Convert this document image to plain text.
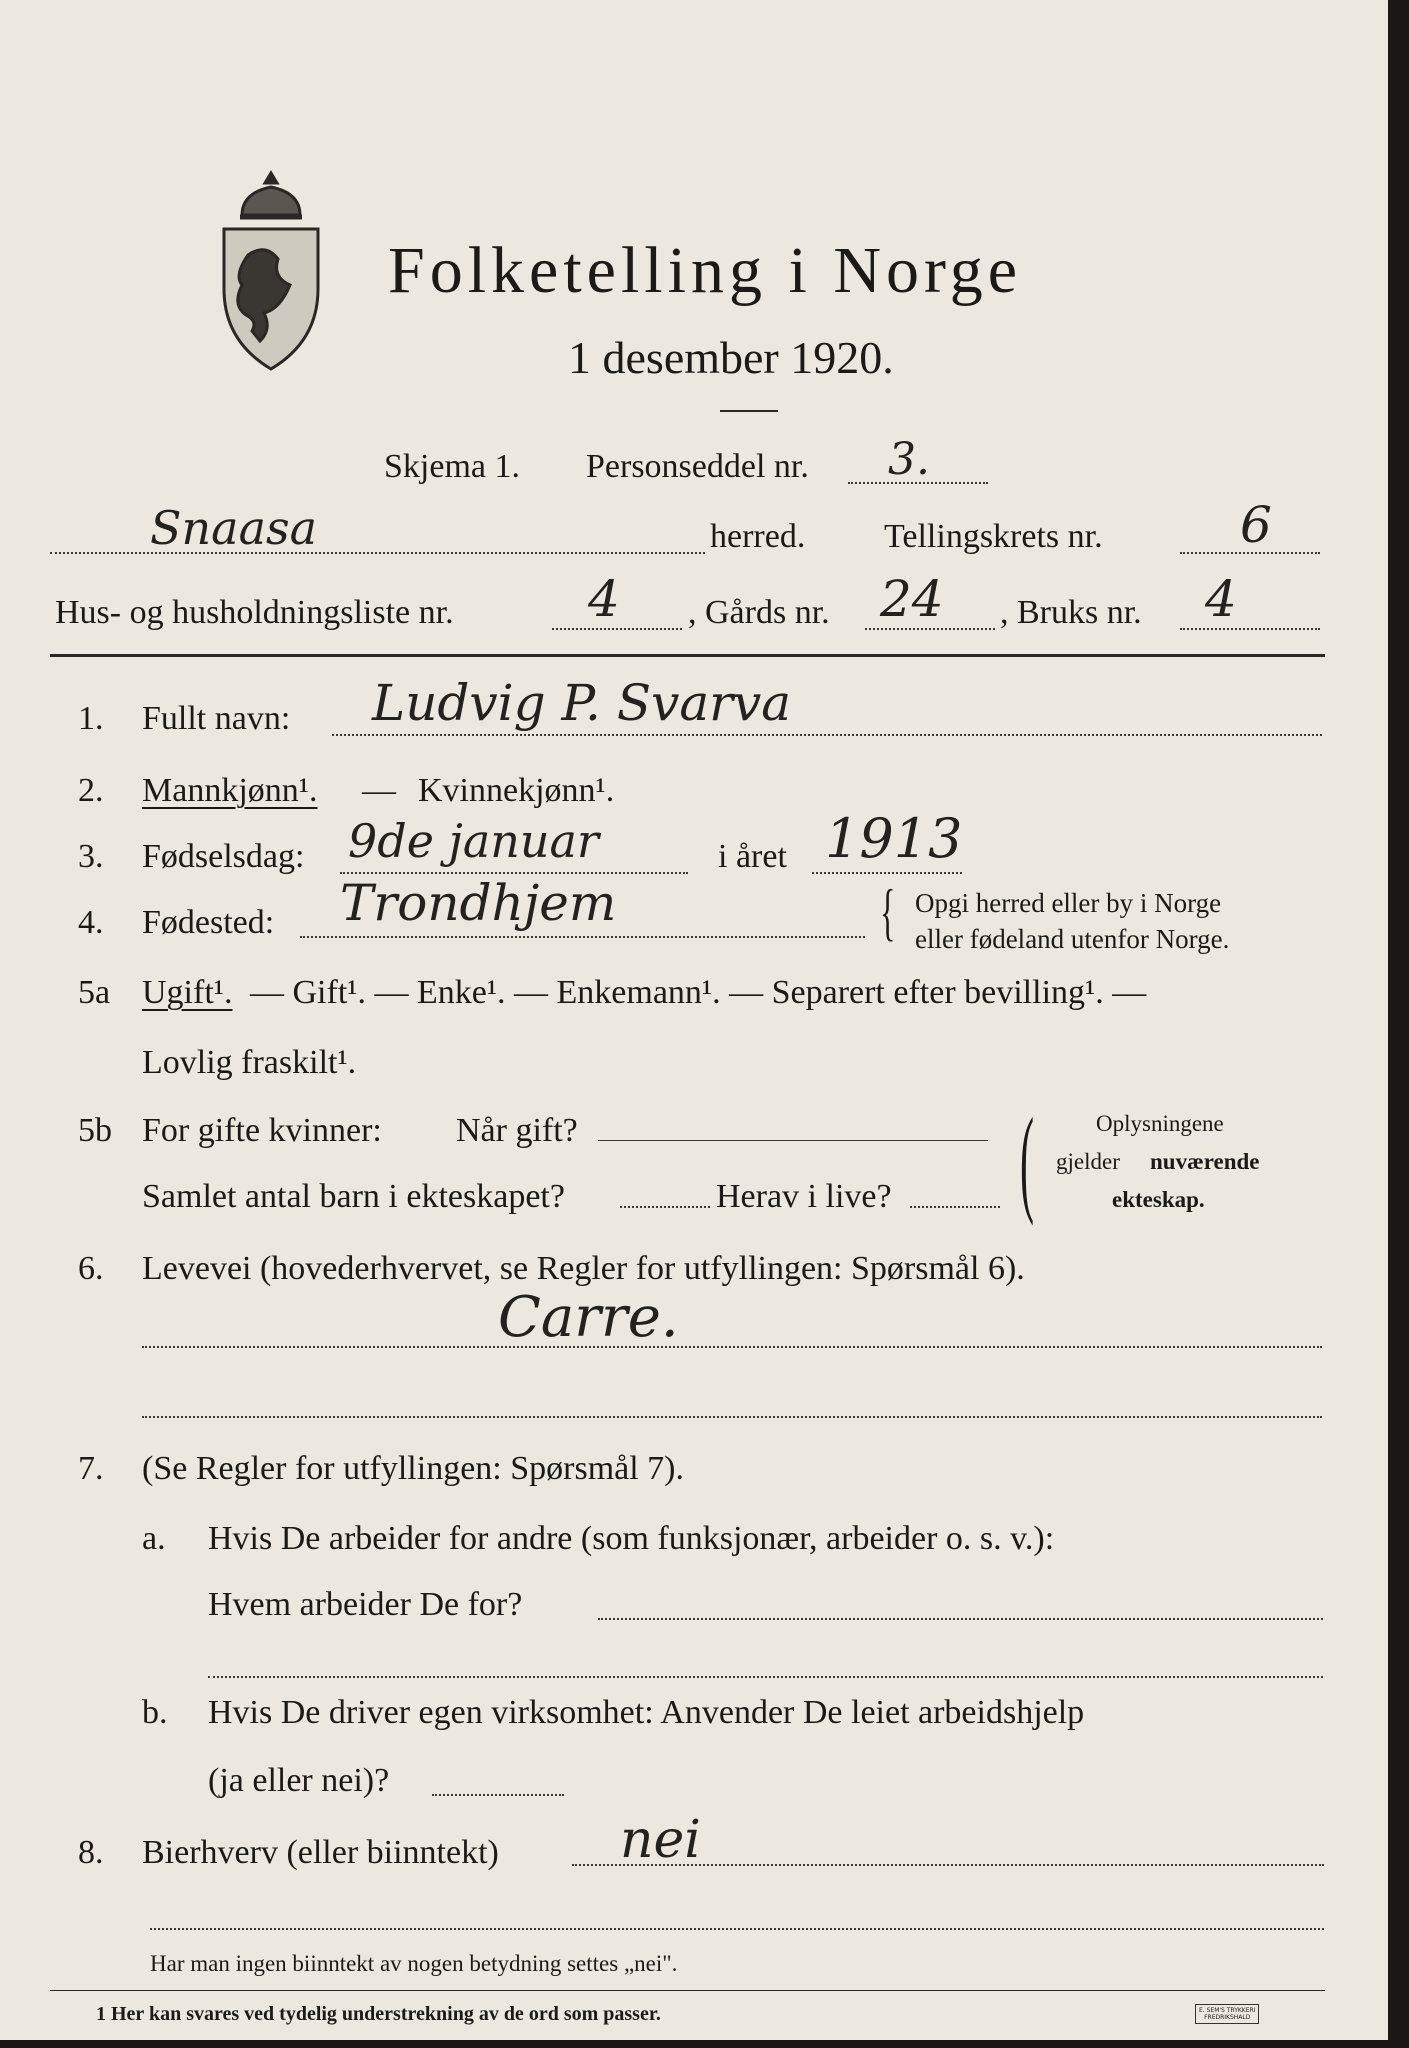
Folketelling i Norge
1 desember 1920.
Skjema 1. Personseddel nr. 3.
Snaasa	herred. Tellingskrets nr.	6
Hus- og husholdningsliste nr.	4 , Gårds nr. 24 , Bruks nr. 4
1. Fullt navn: Ludvig P. Svarva
2. Mannkjønn¹. — Kvinnekjønn¹.
3. Fødselsdag: 9de januar	i året 1913
4. Fødested: Trondhjem	{ Opgi herred eller by i Norge
eller fødeland utenfor Norge.
5a Ugift¹. — Gift¹. — Enke¹. — Enkemann¹. — Separert efter bevilling¹. —
Lovlig fraskilt¹.
5b For gifte kvinner: Når gift?
Samlet antal barn i ekteskapet?	Herav i live? (	Oplysningene
gjelder nuværende
ekteskap.
6. Levevei (hovederhvervet, se Regler for utfyllingen: Spørsmål 6).
Carre.
7. (Se Regler for utfyllingen: Spørsmål 7).
a. Hvis De arbeider for andre (som funksjonær, arbeider o. s. v.):
Hvem arbeider De for?
b. Hvis De driver egen virksomhet: Anvender De leiet arbeidshjelp
(ja eller nei)?
8. Bierhverv (eller biinntekt) nei
Har man ingen biinntekt av nogen betydning settes „nei".
1 Her kan svares ved tydelig understrekning av de ord som passer.	E. SEM'S TRYKKERI
FREDRIKSHALD
